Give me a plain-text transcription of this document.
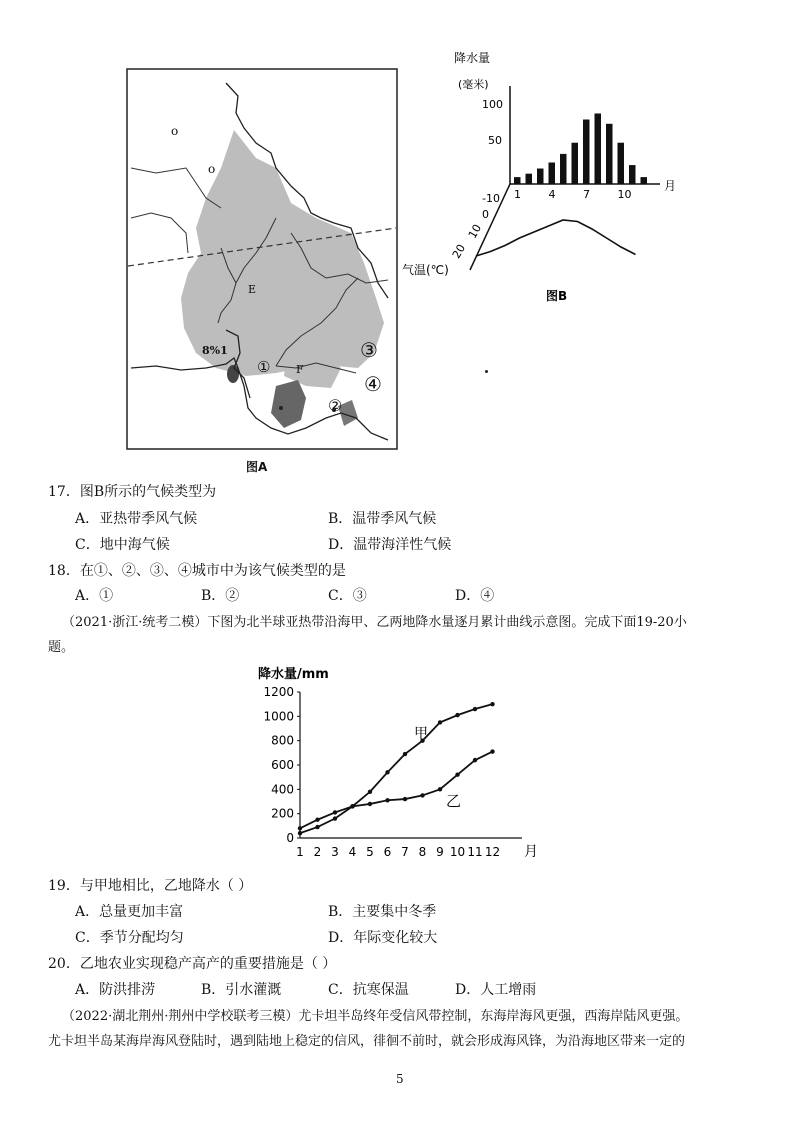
o
o
E
8%1
① F
③
④
②
图A
1	4	7	10
降水量
(毫米)
100
50
月
-10
0
10
20
气温(℃)
图B
17．图B所示的气候类型为
A．亚热带季风气候	B．温带季风气候
C．地中海气候	D．温带海洋性气候
18．在①、②、③、④城市中为该气候类型的是
A．①	B．②	C．③	D．④
（2021·浙江·统考二模）下图为北半球亚热带沿海甲、乙两地降水量逐月累计曲线示意图。完成下面19-20小
题。
0
200
400
600
800
1000
1200
1 2 3 4 5 6 7 8 9 10 11 12
降水量/mm
月
甲
乙
19．与甲地相比，乙地降水（ ）
A．总量更加丰富	B．主要集中冬季
C．季节分配均匀	D．年际变化较大
20．乙地农业实现稳产高产的重要措施是（ ）
A．防洪排涝	B．引水灌溉	C．抗寒保温	D．人工增雨
（2022·湖北荆州·荆州中学校联考三模）尤卡坦半岛终年受信风带控制，东海岸海风更强，西海岸陆风更强。
尤卡坦半岛某海岸海风登陆时，遇到陆地上稳定的信风，徘徊不前时，就会形成海风锋，为沿海地区带来一定的
5
